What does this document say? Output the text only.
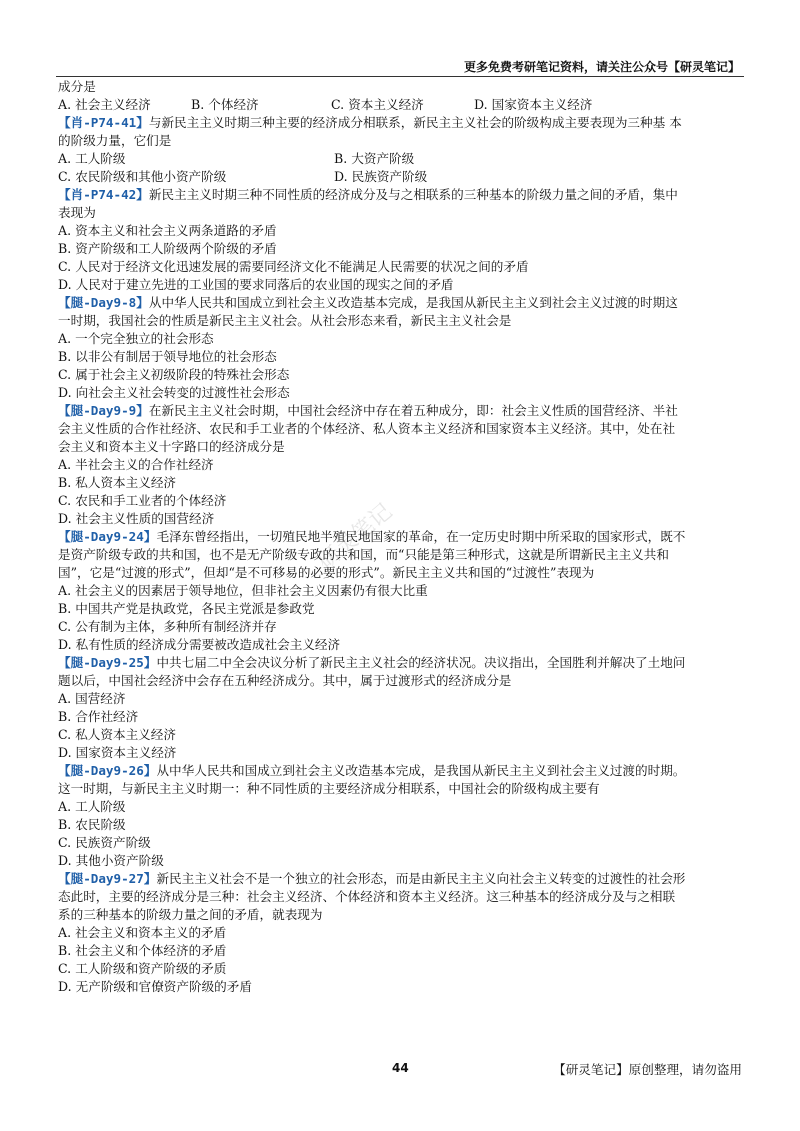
更多免费考研笔记资料，请关注公众号【研灵笔记】
研灵笔记
成分是
A. 社会主义经济	B. 个体经济	C. 资本主义经济	D. 国家资本主义经济
【肖-P74-41】与新民主主义时期三种主要的经济成分相联系，新民主主义社会的阶级构成主要表现为三种基 本
的阶级力量，它们是
A. 工人阶级	B. 大资产阶级
C. 农民阶级和其他小资产阶级	D. 民族资产阶级
【肖-P74-42】新民主主义时期三种不同性质的经济成分及与之相联系的三种基本的阶级力量之间的矛盾，集中
表现为
A. 资本主义和社会主义两条道路的矛盾
B. 资产阶级和工人阶级两个阶级的矛盾
C. 人民对于经济文化迅速发展的需要同经济文化不能满足人民需要的状况之间的矛盾
D. 人民对于建立先进的工业国的要求同落后的农业国的现实之间的矛盾
【腿-Day9-8】从中华人民共和国成立到社会主义改造基本完成，是我国从新民主主义到社会主义过渡的时期这
一时期，我国社会的性质是新民主主义社会。从社会形态来看，新民主主义社会是
A. 一个完全独立的社会形态
B. 以非公有制居于领导地位的社会形态
C. 属于社会主义初级阶段的特殊社会形态
D. 向社会主义社会转变的过渡性社会形态
【腿-Day9-9】在新民主主义社会时期，中国社会经济中存在着五种成分，即：社会主义性质的国营经济、半社
会主义性质的合作社经济、农民和手工业者的个体经济、私人资本主义经济和国家资本主义经济。其中，处在社
会主义和资本主义十字路口的经济成分是
A. 半社会主义的合作社经济
B. 私人资本主义经济
C. 农民和手工业者的个体经济
D. 社会主义性质的国营经济
【腿-Day9-24】毛泽东曾经指出，一切殖民地半殖民地国家的革命，在一定历史时期中所采取的国家形式，既不
是资产阶级专政的共和国，也不是无产阶级专政的共和国，而“只能是第三种形式，这就是所谓新民主主义共和
国”，它是“过渡的形式”，但却“是不可移易的必要的形式”。新民主主义共和国的“过渡性”表现为
A. 社会主义的因素居于领导地位，但非社会主义因素仍有很大比重
B. 中国共产党是执政党，各民主党派是参政党
C. 公有制为主体，多种所有制经济并存
D. 私有性质的经济成分需要被改造成社会主义经济
【腿-Day9-25】中共七届二中全会决议分析了新民主主义社会的经济状况。决议指出，全国胜利并解决了土地问
题以后，中国社会经济中会存在五种经济成分。其中，属于过渡形式的经济成分是
A. 国营经济
B. 合作社经济
C. 私人资本主义经济
D. 国家资本主义经济
【腿-Day9-26】从中华人民共和国成立到社会主义改造基本完成，是我国从新民主主义到社会主义过渡的时期。
这一时期，与新民主主义时期一：种不同性质的主要经济成分相联系，中国社会的阶级构成主要有
A. 工人阶级
B. 农民阶级
C. 民族资产阶级
D. 其他小资产阶级
【腿-Day9-27】新民主主义社会不是一个独立的社会形态，而是由新民主主义向社会主义转变的过渡性的社会形
态此时，主要的经济成分是三种：社会主义经济、个体经济和资本主义经济。这三种基本的经济成分及与之相联
系的三种基本的阶级力量之间的矛盾，就表现为
A. 社会主义和资本主义的矛盾
B. 社会主义和个体经济的矛盾
C. 工人阶级和资产阶级的矛质
D. 无产阶级和官僚资产阶级的矛盾
44	【研灵笔记】原创整理，请勿盗用
